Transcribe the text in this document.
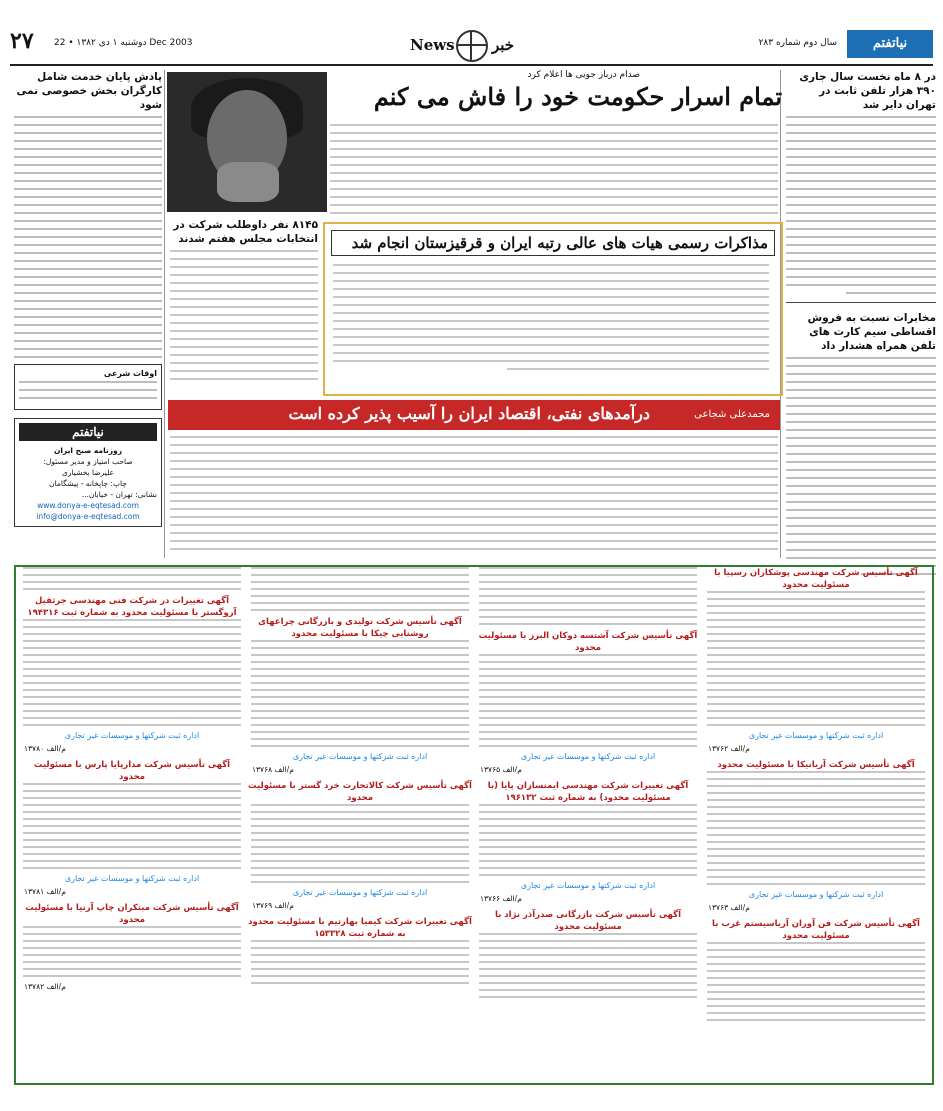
۲۷ دوشنبه ۱ دی ۱۳۸۲ • 22 Dec 2003	News خبر	سال دوم شماره ۲۸۳	نیاتفتم
در ۸ ماه نخست سال جاری ۳۹۰ هزار تلفن ثابت در تهران دایر شد
مخابرات نسبت به فروش اقساطی سیم کارت های تلفن همراه هشدار داد
صدام درباز جویی ها اعلام کرد
تمام اسرار حکومت خود را فاش می کنم
۸۱۴۵ نفر داوطلب شرکت در انتخابات مجلس هفتم شدند	مذاکرات رسمی هیات های عالی رتبه ایران و قرقیزستان انجام شد
درآمدهای نفتی، اقتصاد ایران را آسیب پذیر کرده است	محمدعلی شجاعی
پادش پایان خدمت شامل کارگران بخش خصوصی نمی شود
اوقات شرعی
نیاتفتم
روزنامه صبح ایران
صاحب امتیاز و مدیر مسئول:
علیرضا بخشیاری
چاپ: چاپخانه - پیشگامان
نشانی: تهران - خیابان...
www.donya-e-eqtesad.com
info@donya-e-eqtesad.com
آگهی تأسیس شرکت مهندسی پوشکاران رسپیا با مسئولیت محدود
اداره ثبت شرکتها و موسسات غیر تجاری
م/الف ۱۳۷۶۲
آگهی تأسیس شرکت آریانیکا با مسئولیت محدود
اداره ثبت شرکتها و موسسات غیر تجاری
م/الف ۱۳۷۶۳
آگهی تأسیس شرکت فن آوران آریاسیستم غرب با مسئولیت محدود
آگهی تأسیس شرکت آشتسه دوکان البرز با مسئولیت محدود
اداره ثبت شرکتها و موسسات غیر تجاری
م/الف ۱۳۷۶۵
آگهی تغییرات شرکت مهندسی ایمنسازان پایا (با مسئولیت محدود) به شماره ثبت ۱۹۶۱۳۲
اداره ثبت شرکتها و موسسات غیر تجاری
م/الف ۱۳۷۶۶
آگهی تأسیس شرکت بازرگانی صدرآذر نژاد با مسئولیت محدود
آگهی تأسیس شرکت تولیدی و بازرگانی چراغهای روشنایی چیکا با مسئولیت محدود
اداره ثبت شرکتها و موسسات غیر تجاری
م/الف ۱۳۷۶۸
آگهی تأسیس شرکت کالاتجارت خرد گستر با مسئولیت محدود
اداره ثبت شرکتها و موسسات غیر تجاری
م/الف ۱۳۷۶۹
آگهی تغییرات شرکت کیمیا بهارتیم با مسئولیت محدود به شماره ثبت ۱۵۳۳۲۸
آگهی تغییرات در شرکت فنی مهندسی جرثقیل آروگستر با مسئولیت محدود به شماره ثبت ۱۹۴۳۱۶
اداره ثبت شرکتها و موسسات غیر تجاری
م/الف ۱۳۷۸۰
آگهی تأسیس شرکت مدارپایا پارس با مسئولیت محدود
اداره ثبت شرکتها و موسسات غیر تجاری
م/الف ۱۳۷۸۱
آگهی تأسیس شرکت مبتکران چاپ آرتیا با مسئولیت محدود
م/الف ۱۳۷۸۲
